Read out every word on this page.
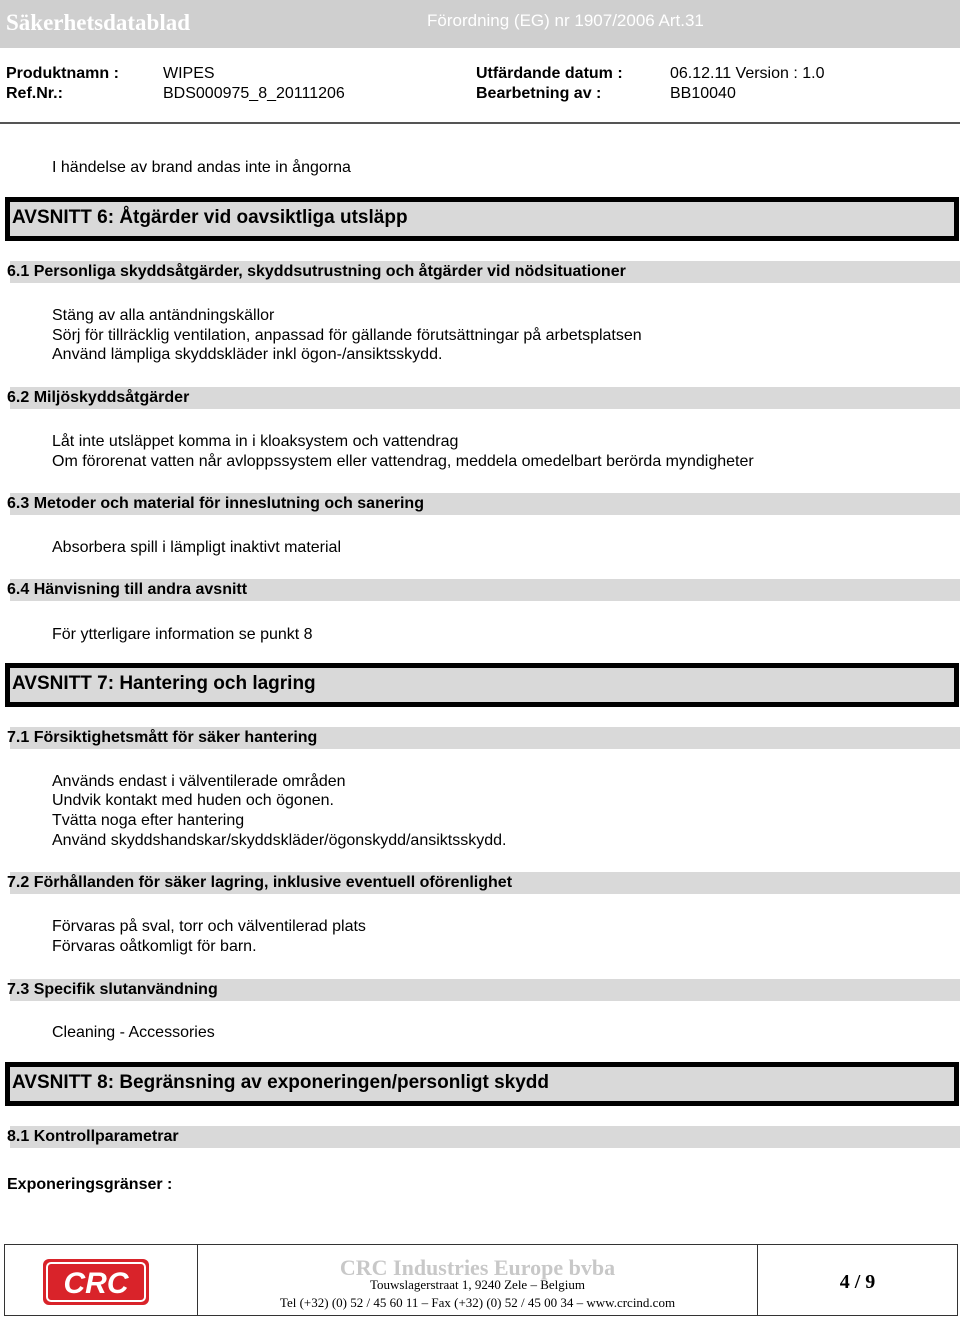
Säkerhetsdatablad	Förordning (EG) nr 1907/2006 Art.31
Produktnamn :	WIPES	Utfärdande datum :	06.12.11 Version : 1.0
Ref.Nr.:	BDS000975_8_20111206	Bearbetning av :	BB10040
I händelse av brand andas inte in ångorna
AVSNITT 6: Åtgärder vid oavsiktliga utsläpp
6.1 Personliga skyddsåtgärder, skyddsutrustning och åtgärder vid nödsituationer
Stäng av alla antändningskällor
Sörj för tillräcklig ventilation, anpassad för gällande förutsättningar på arbetsplatsen
Använd lämpliga skyddskläder inkl ögon-/ansiktsskydd.
6.2 Miljöskyddsåtgärder
Låt inte utsläppet komma in i kloaksystem och vattendrag
Om förorenat vatten når avloppssystem eller vattendrag, meddela omedelbart berörda myndigheter
6.3 Metoder och material för inneslutning och sanering
Absorbera spill i lämpligt inaktivt material
6.4 Hänvisning till andra avsnitt
För ytterligare information se punkt 8
AVSNITT 7: Hantering och lagring
7.1 Försiktighetsmått för säker hantering
Används endast i välventilerade områden
Undvik kontakt med huden och ögonen.
Tvätta noga efter hantering
Använd skyddshandskar/skyddskläder/ögonskydd/ansiktsskydd.
7.2 Förhållanden för säker lagring, inklusive eventuell oförenlighet
Förvaras på sval, torr och välventilerad plats
Förvaras oåtkomligt för barn.
7.3 Specifik slutanvändning
Cleaning - Accessories
AVSNITT 8: Begränsning av exponeringen/personligt skydd
8.1 Kontrollparametrar
Exponeringsgränser :
CRC	CRC Industries Europe bvba
Touwslagerstraat 1, 9240 Zele – Belgium
Tel (+32) (0) 52 / 45 60 11 – Fax (+32) (0) 52 / 45 00 34 – www.crcind.com
4 / 9
